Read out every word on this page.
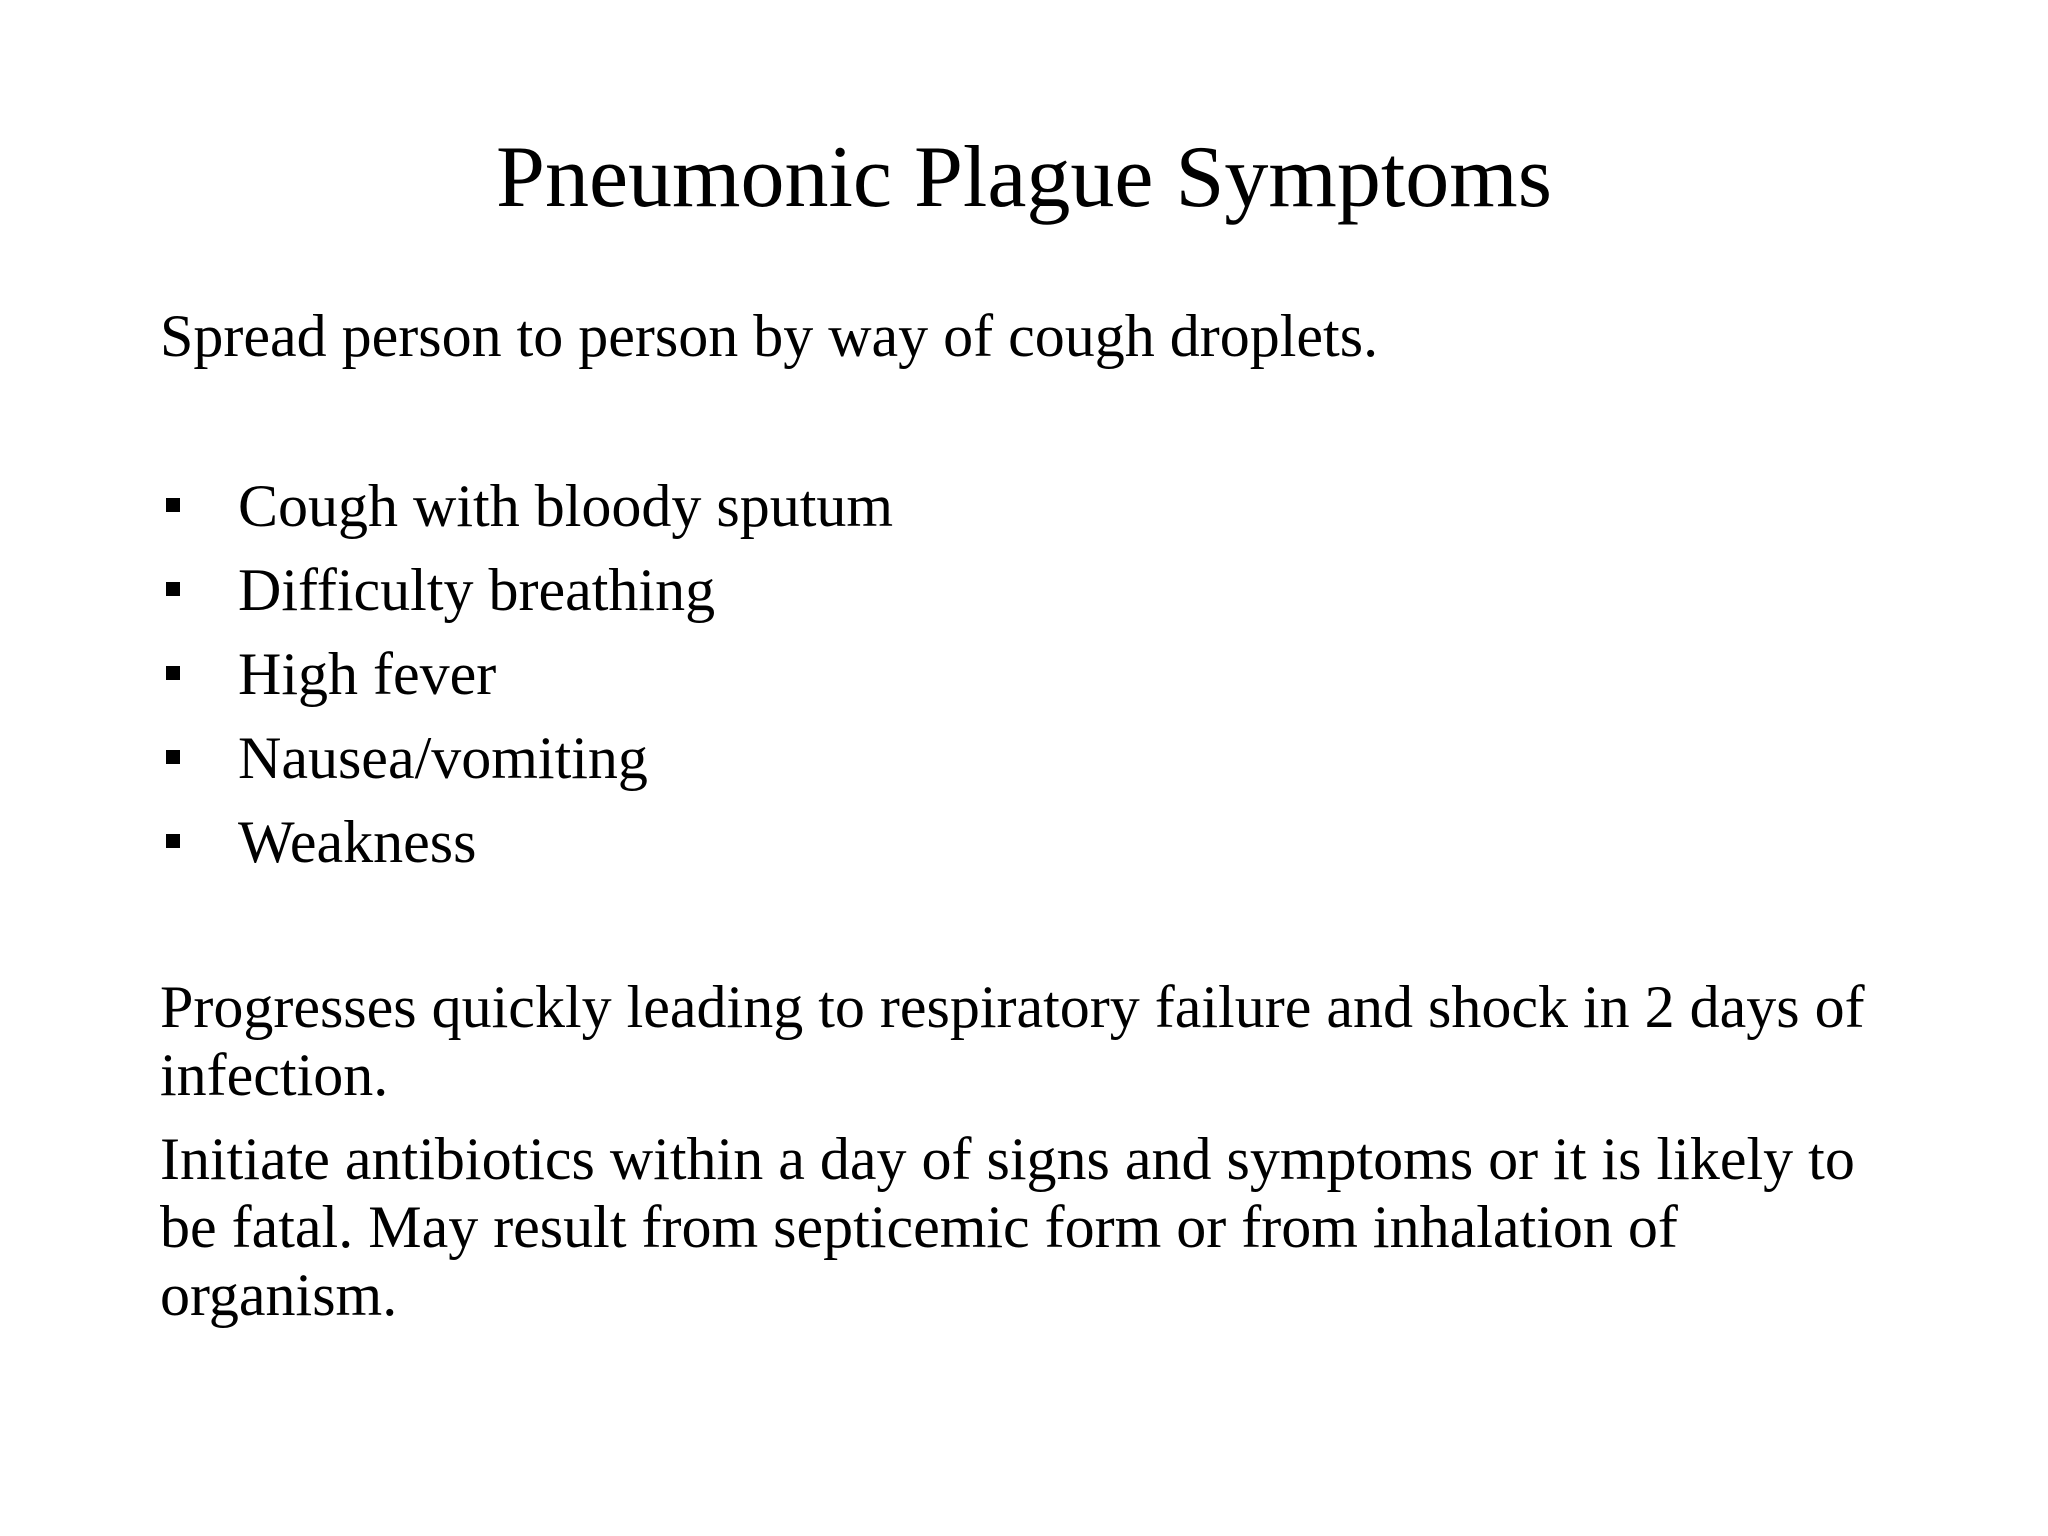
Pneumonic Plague Symptoms

Spread person to person by way of cough droplets.

Cough with bloody sputum
Difficulty breathing
High fever
Nausea/vomiting
Weakness

Progresses quickly leading to respiratory failure and shock in 2 days of infection.

Initiate antibiotics within a day of signs and symptoms or it is likely to be fatal. May result from septicemic form or from inhalation of organism.
